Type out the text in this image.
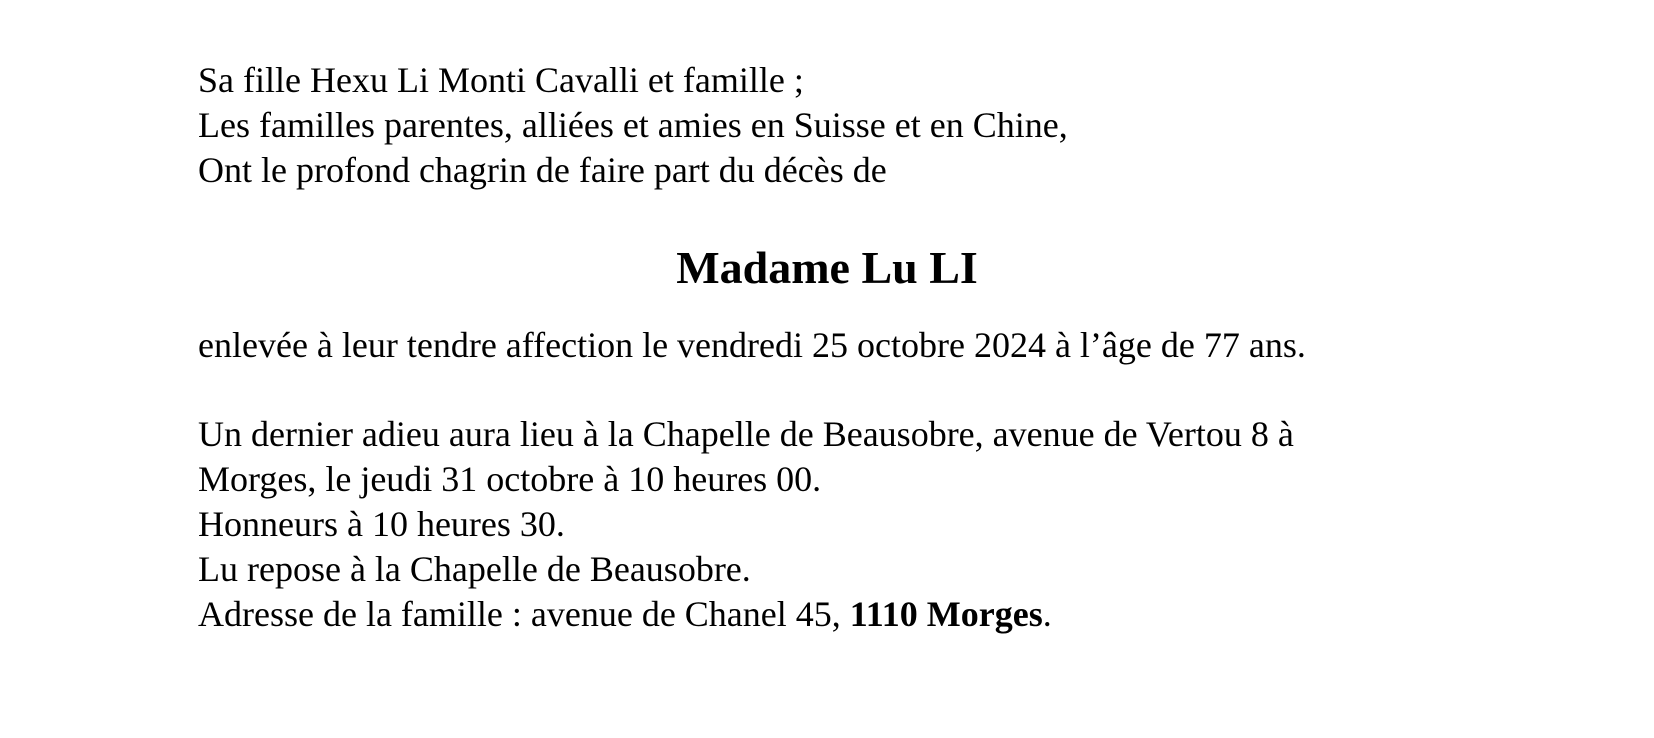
Sa fille Hexu Li Monti Cavalli et famille ;
Les familles parentes, alliées et amies en Suisse et en Chine,
Ont le profond chagrin de faire part du décès de
Madame Lu LI
enlevée à leur tendre affection le vendredi 25 octobre 2024 à l’âge de 77 ans.
Un dernier adieu aura lieu à la Chapelle de Beausobre, avenue de Vertou 8 à
Morges, le jeudi 31 octobre à 10 heures 00.
Honneurs à 10 heures 30.
Lu repose à la Chapelle de Beausobre.
Adresse de la famille : avenue de Chanel 45, 1110 Morges.
